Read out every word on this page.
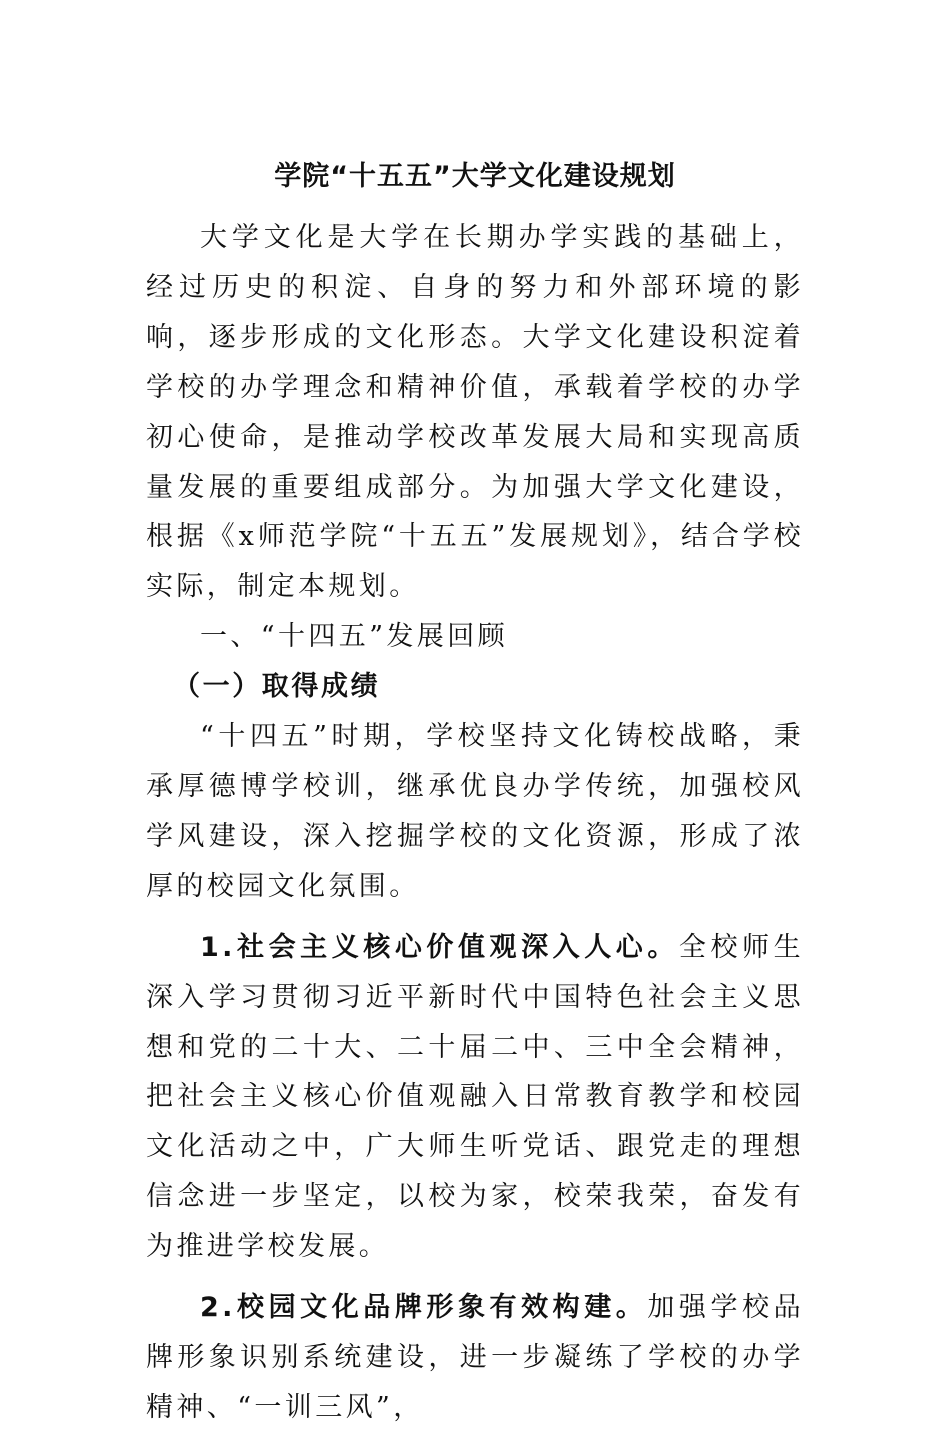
学院“十五五”大学文化建设规划

大学文化是大学在长期办学实践的基础上，经过历史的积淀、自身的努力和外部环境的影响，逐步形成的文化形态。大学文化建设积淀着学校的办学理念和精神价值，承载着学校的办学初心使命，是推动学校改革发展大局和实现高质量发展的重要组成部分。为加强大学文化建设，根据《x师范学院“十五五”发展规划》，结合学校实际，制定本规划。

一、“十四五”发展回顾

（一）取得成绩

“十四五”时期，学校坚持文化铸校战略，秉承厚德博学校训，继承优良办学传统，加强校风学风建设，深入挖掘学校的文化资源，形成了浓厚的校园文化氛围。

1.社会主义核心价值观深入人心。全校师生深入学习贯彻习近平新时代中国特色社会主义思想和党的二十大、二十届二中、三中全会精神，把社会主义核心价值观融入日常教育教学和校园文化活动之中，广大师生听党话、跟党走的理想信念进一步坚定，以校为家，校荣我荣，奋发有为推进学校发展。

2.校园文化品牌形象有效构建。加强学校品牌形象识别系统建设，进一步凝练了学校的办学精神、“一训三风”，
